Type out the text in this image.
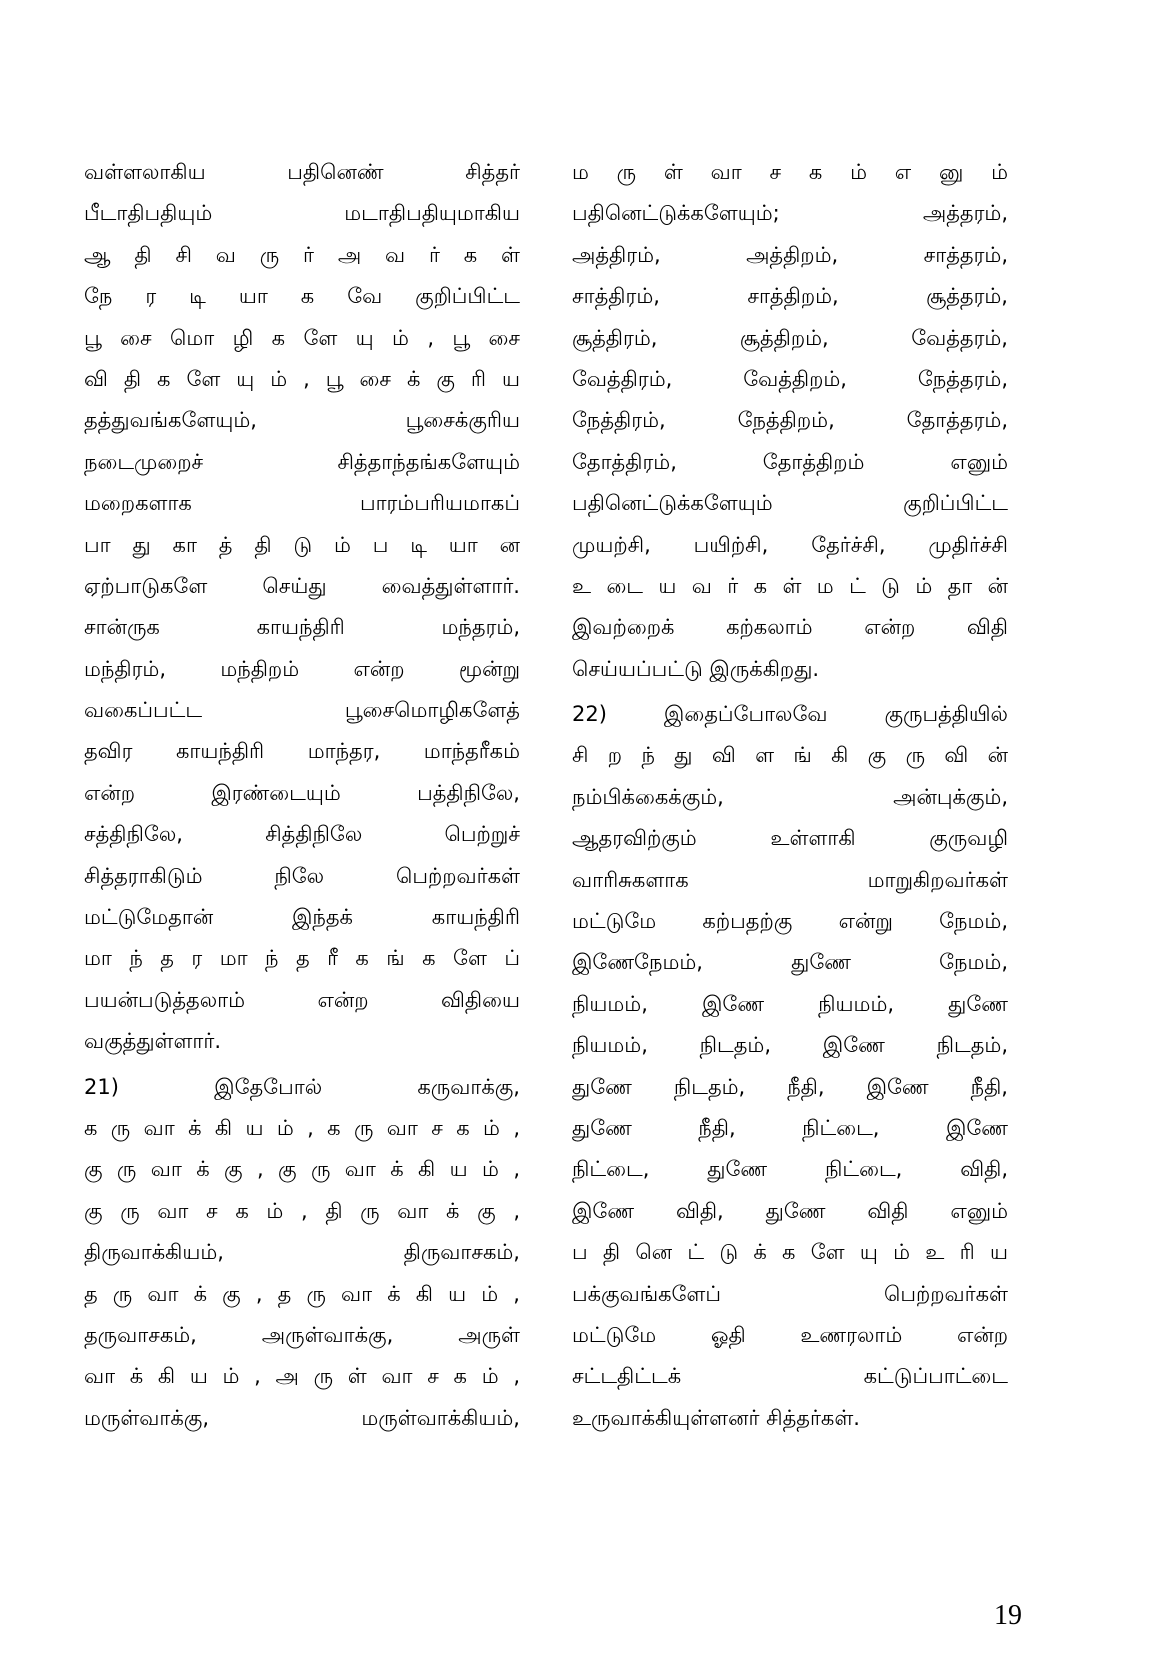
வள்ளலாகிய பதினெண் சித்தர்
பீடாதிபதியும் மடாதிபதியுமாகிய
ஆ தி சி வ ரு ர் அ வ ர் க ள்
நே ர டி யா க வே குறிப்பிட்ட
பூ சை மொ ழி க ளே யு ம் , பூ சை
வி தி க ளே யு ம் , பூ சை க் கு ரி ய
தத்துவங்களேயும், பூசைக்குரிய
நடைமுறைச் சித்தாந்தங்களேயும்
மறைகளாக பாரம்பரியமாகப்
பா து கா த் தி டு ம் ப டி யா ன
ஏற்பாடுகளே செய்து வைத்துள்ளார்.
சான்ருக காயந்திரி மந்தரம்,
மந்திரம், மந்திறம் என்ற மூன்று
வகைப்பட்ட பூசைமொழிகளேத்
தவிர காயந்திரி மாந்தர, மாந்தரீகம்
என்ற இரண்டையும் பத்திநிலே,
சத்திநிலே, சித்திநிலே பெற்றுச்
சித்தராகிடும் நிலே பெற்றவர்கள்
மட்டுமேதான் இந்தக் காயந்திரி
மா ந் த ர மா ந் த ரீ க ங் க ளே ப்
பயன்படுத்தலாம் என்ற விதியை
வகுத்துள்ளார்.
21) இதேபோல் கருவாக்கு,
க ரு வா க் கி ய ம் , க ரு வா ச க ம் ,
கு ரு வா க் கு , கு ரு வா க் கி ய ம் ,
கு ரு வா ச க ம் , தி ரு வா க் கு ,
திருவாக்கியம், திருவாசகம்,
த ரு வா க் கு , த ரு வா க் கி ய ம் ,
தருவாசகம், அருள்வாக்கு, அருள்
வா க் கி ய ம் , அ ரு ள் வா ச க ம் ,
மருள்வாக்கு, மருள்வாக்கியம்,
ம ரு ள் வா ச க ம் எ னு ம்
பதினெட்டுக்களேயும்; அத்தரம்,
அத்திரம், அத்திறம், சாத்தரம்,
சாத்திரம், சாத்திறம், சூத்தரம்,
சூத்திரம், சூத்திறம், வேத்தரம்,
வேத்திரம், வேத்திறம், நேத்தரம்,
நேத்திரம், நேத்திறம், தோத்தரம்,
தோத்திரம், தோத்திறம் எனும்
பதினெட்டுக்களேயும் குறிப்பிட்ட
முயற்சி, பயிற்சி, தேர்ச்சி, முதிர்ச்சி
உ டை ய வ ர் க ள் ம ட் டு ம் தா ன்
இவற்றைக் கற்கலாம் என்ற விதி
செய்யப்பட்டு இருக்கிறது.
22) இதைப்போலவே குருபத்தியில்
சி ற ந் து வி ள ங் கி கு ரு வி ன்
நம்பிக்கைக்கும், அன்புக்கும்,
ஆதரவிற்கும் உள்ளாகி குருவழி
வாரிசுகளாக மாறுகிறவர்கள்
மட்டுமே கற்பதற்கு என்று நேமம்,
இணேநேமம், துணே நேமம்,
நியமம், இணே நியமம், துணே
நியமம், நிடதம், இணே நிடதம்,
துணே நிடதம், நீதி, இணே நீதி,
துணே நீதி, நிட்டை, இணே
நிட்டை, துணே நிட்டை, விதி,
இணே விதி, துணே விதி எனும்
ப தி னெ ட் டு க் க ளே யு ம் உ ரி ய
பக்குவங்களேப் பெற்றவர்கள்
மட்டுமே ஓதி உணரலாம் என்ற
சட்டதிட்டக் கட்டுப்பாட்டை
உருவாக்கியுள்ளனர் சித்தர்கள்.
19
